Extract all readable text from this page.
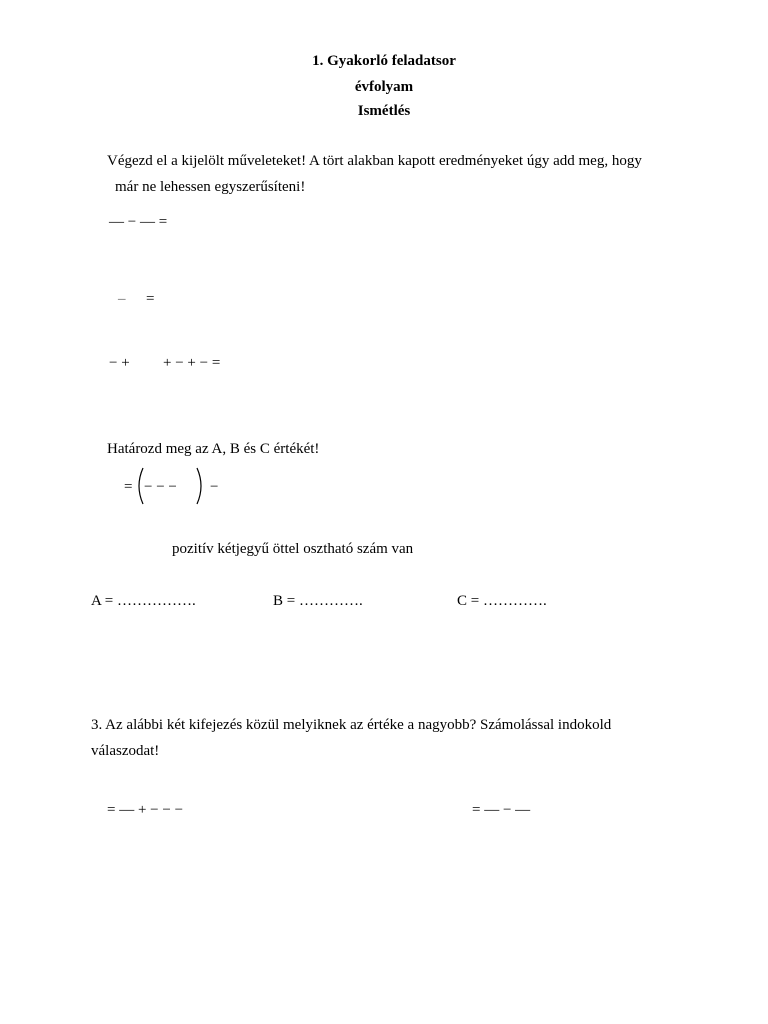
1. Gyakorló feladatsor
évfolyam
Ismétlés
Végezd el a kijelölt műveleteket! A tört alakban kapott eredményeket úgy add meg, hogy
már ne lehessen egyszerűsíteni!
— − — =
– =
− + + − + − =
Határozd meg az A, B és C értékét!
= − − − −
pozitív kétjegyű öttel osztható szám van
A = …………….	B = ………….	C = ………….
3. Az alábbi két kifejezés közül melyiknek az értéke a nagyobb? Számolással indokold
válaszodat!
= — + − − −	= — − —
